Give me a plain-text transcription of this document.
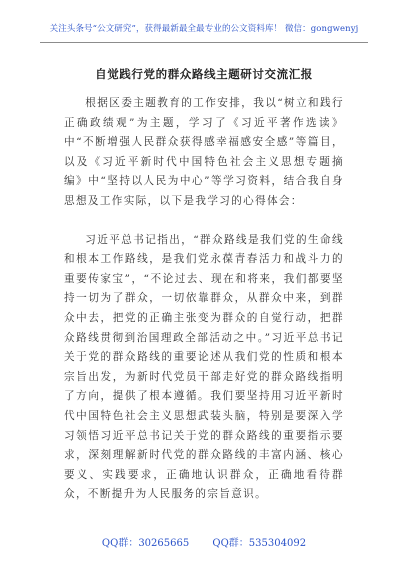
关注头条号“公文研究”，获得最新最全最专业的公文资料库！ 微信：gongwenyj
自觉践行党的群众路线主题研讨交流汇报

根据区委主题教育的工作安排，我以“树立和践行正确政绩观”为主题，学习了《习近平著作选读》中“不断增强人民群众获得感幸福感安全感”等篇目，以及《习近平新时代中国特色社会主义思想专题摘编》中“坚持以人民为中心”等学习资料，结合我自身思想及工作实际，以下是我学习的心得体会：

习近平总书记指出，“群众路线是我们党的生命线和根本工作路线，是我们党永葆青春活力和战斗力的重要传家宝”，“不论过去、现在和将来，我们都要坚持一切为了群众，一切依靠群众，从群众中来，到群众中去，把党的正确主张变为群众的自觉行动，把群众路线贯彻到治国理政全部活动之中。”习近平总书记关于党的群众路线的重要论述从我们党的性质和根本宗旨出发，为新时代党员干部走好党的群众路线指明了方向，提供了根本遵循。我们要坚持用习近平新时代中国特色社会主义思想武装头脑，特别是要深入学习领悟习近平总书记关于党的群众路线的重要指示要求，深刻理解新时代党的群众路线的丰富内涵、核心要义、实践要求，正确地认识群众，正确地看待群众，不断提升为人民服务的宗旨意识。

QQ群：30265665 QQ群：535304092
